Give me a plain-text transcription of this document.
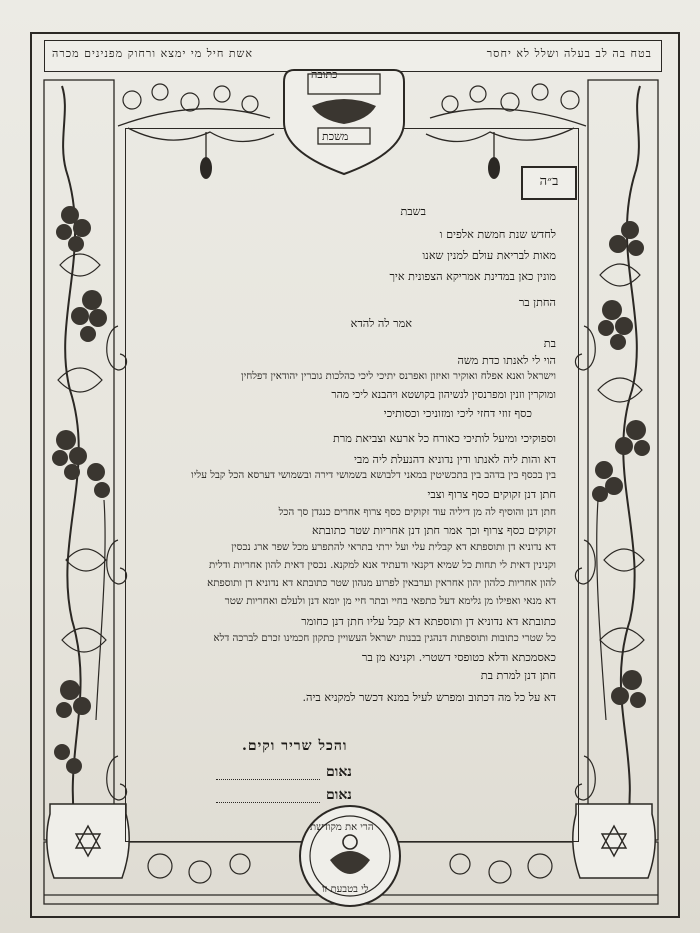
אשת חיל מי ימצא ורחוק מפנינים מכרה	בטח בה לב בעלה ושלל לא יחסר
כתובה
משכת
ב״ה
בשבת
לחדש שנת חמשת אלפים ו
מאות לבריאת עולם למנין שאנו
מונין כאן במדינת אמריקא הצפונית איך
החתן בר
אמר לה להדא
בת
הוי לי לאנתו כדת משה
וישראל ואנא אפלח ואוקיר ואיזון ואפרנס יתיכי ליכי כהלכות גוברין יהודאין דפלחין
ומוקרין וזנין ומפרנסין לנשיהון בקושטא ויהבנא ליכי מהר
כסף זוזי דחזי ליכי ומזוניכי וכסותיכי
וספוקיכי ומיעל לותיכי כאורח כל ארעא וצביאת מרת
דא והות ליה לאנתו ודין נדוניא דהנעלת ליה מבי
בין בכסף בין בדהב בין בתכשיטין במאני דלבושא בשמושי דירה ובשמושי דערסא הכל קבל עליו
חתן דנן זקוקים כסף צרוף וצבי
חתן דנן והוסיף לה מן דיליה עוד זקוקים כסף צרוף אחרים כנגדן סך הכל
זקוקים כסף צרוף וכך אמר חתן דנן אחריות שטר כתובתא
דא נדוניא דן ותוספתא דא קבלית עלי ועל ירתי בתראי להתפרע מכל שפר ארג נכסין
וקנינין דאית לי תחות כל שמיא דקנאי ודעתיד אנא למקנא. נכסין דאית להון אחריות ודלית
להון אחריות כלהון יהון אחראין וערבאין לפרוע מנהון שטר כתובתא דא נדוניא דן ותוספתא
דא מנאי ואפילו מן גלימא דעל כתפאי בחיי ובתר חיי מן יומא דנן ולעלם ואחריות שטר
כתובתא דא נדוניא דן ותוספתא דא קבל עליו חתן דנן כחומר
כל שטרי כתובות ותוספתות דנהגין בבנות ישראל העשויין כתקון חכמינו זכרם לברכה דלא
כאסמכתא ודלא כטופסי דשטרי. וקנינא מן בר
חתן דנן למרת בת
דא על כל מה דכתוב ומפרש לעיל במנא דכשר למקניא ביה.
והכל שריר וקים.
נאום
נאום
הרי את מקודשת
לי בטבעת זו
